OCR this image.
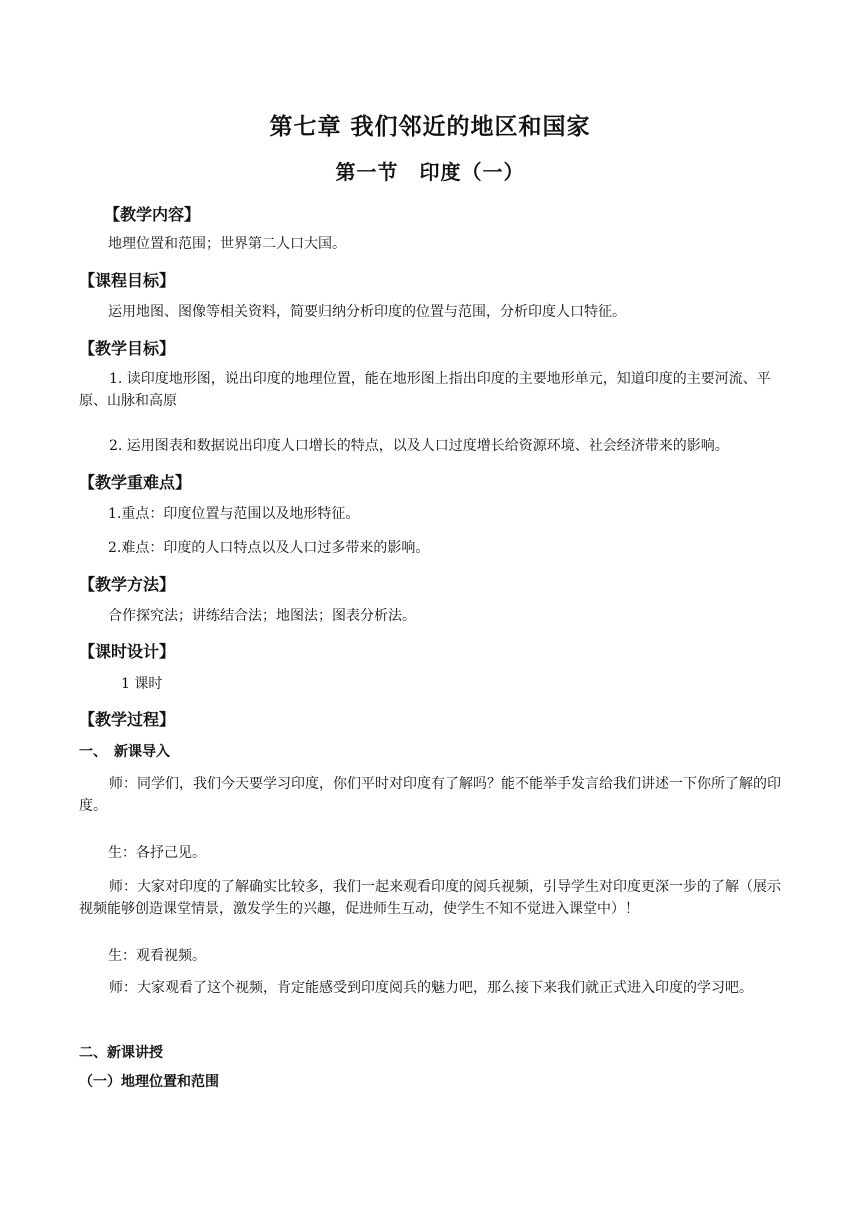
第七章 我们邻近的地区和国家
第一节　印度（一）
【教学内容】
地理位置和范围；世界第二人口大国。
【课程目标】
运用地图、图像等相关资料，简要归纳分析印度的位置与范围，分析印度人口特征。
【教学目标】
1. 读印度地形图，说出印度的地理位置，能在地形图上指出印度的主要地形单元，知道印度的主要河流、平原、山脉和高原
2. 运用图表和数据说出印度人口增长的特点，以及人口过度增长给资源环境、社会经济带来的影响。
【教学重难点】
1.重点：印度位置与范围以及地形特征。
2.难点：印度的人口特点以及人口过多带来的影响。
【教学方法】
合作探究法；讲练结合法；地图法；图表分析法。
【课时设计】
1 课时
【教学过程】
一、　新课导入
师：同学们，我们今天要学习印度，你们平时对印度有了解吗？能不能举手发言给我们讲述一下你所了解的印度。
生：各抒己见。
师：大家对印度的了解确实比较多，我们一起来观看印度的阅兵视频，引导学生对印度更深一步的了解（展示视频能够创造课堂情景，激发学生的兴趣，促进师生互动，使学生不知不觉进入课堂中）！
生：观看视频。
师：大家观看了这个视频，肯定能感受到印度阅兵的魅力吧，那么接下来我们就正式进入印度的学习吧。
二、新课讲授
（一）地理位置和范围
